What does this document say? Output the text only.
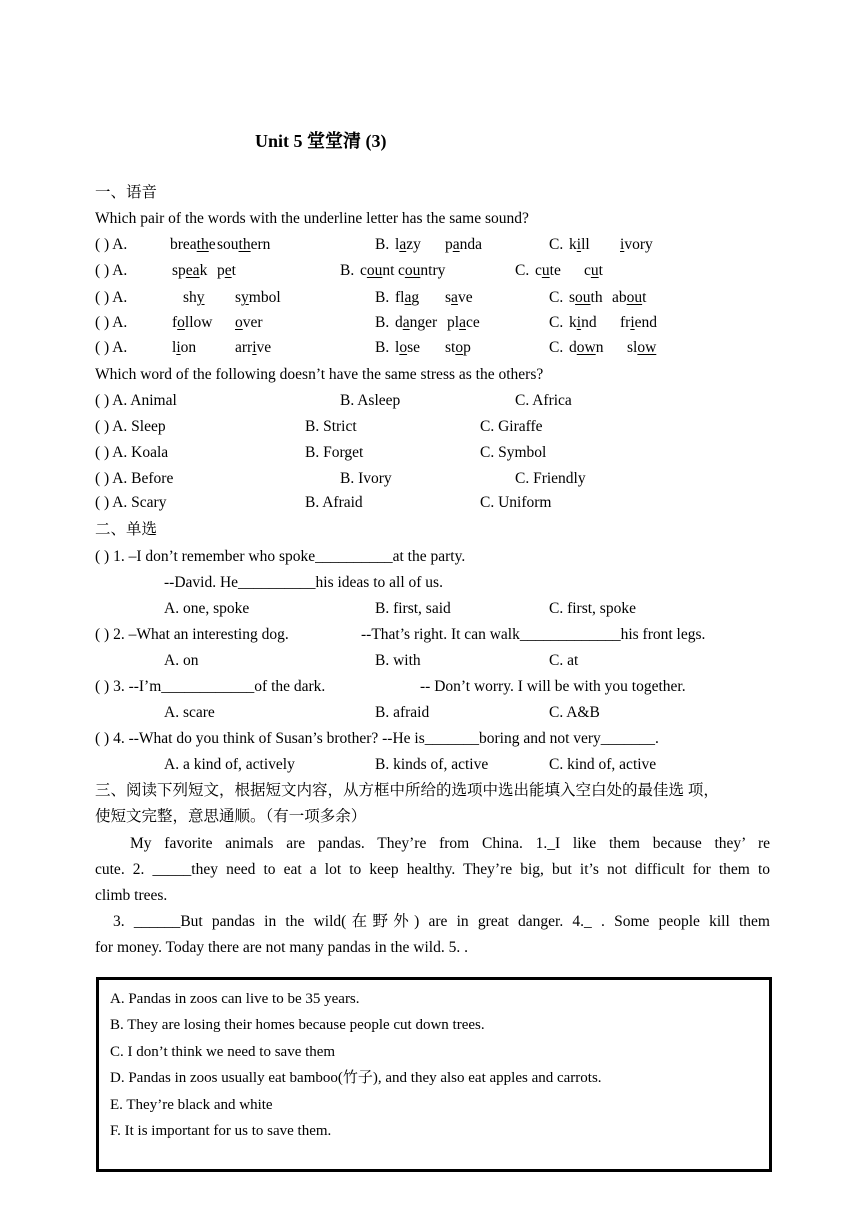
Unit 5 堂堂清 (3)
一、语音
Which pair of the words with the underline letter has the same sound?
( ) A.	breathe southern	B. lazy panda	C. kill ivory
( ) A.	speak pet	B. count country	C. cute cut
( ) A.	shy symbol	B. flag save	C. south about
( ) A.	follow over	B. danger place	C. kind friend
( ) A.	lion	arrive	B. lose stop	C. down slow
Which word of the following doesn’t have the same stress as the others?
( ) A. Animal	B. Asleep	C. Africa
( ) A. Sleep	B. Strict	C. Giraffe
( ) A. Koala	B. Forget	C. Symbol
( ) A. Before	B. Ivory	C. Friendly
( ) A. Scary	B. Afraid	C. Uniform
二、单选
( ) 1. –I don’t remember who spoke__________at the party.
--David. He__________his ideas to all of us.
A. one, spoke	B. first, said	C. first, spoke
( ) 2. –What an interesting dog.	--That’s right. It can walk_____________his front legs.
A. on	B. with	C. at
( ) 3. --I’m____________of the dark.	-- Don’t worry. I will be with you together.
A. scare	B. afraid	C. A&B
( ) 4. --What do you think of Susan’s brother? --He is_______boring and not very_______.
A. a kind of, actively	B. kinds of, active	C. kind of, active
三、阅读下列短文，根据短文内容，从方框中所给的选项中选出能填入空白处的最佳选 项，
使短文完整，意思通顺。（有一项多余）
My favorite animals are pandas. They’re from China. 1._I like them because they’ re
cute. 2. _____they need to eat a lot to keep healthy. They’re big, but it’s not difficult for them to
climb trees.
3. ______But pandas in the wild(在野外) are in great danger. 4._ . Some people kill them
for money. Today there are not many pandas in the wild. 5. .
A. Pandas in zoos can live to be 35 years.
B. They are losing their homes because people cut down trees.
C. I don’t think we need to save them
D. Pandas in zoos usually eat bamboo(竹子), and they also eat apples and carrots.
E. They’re black and white
F. It is important for us to save them.
